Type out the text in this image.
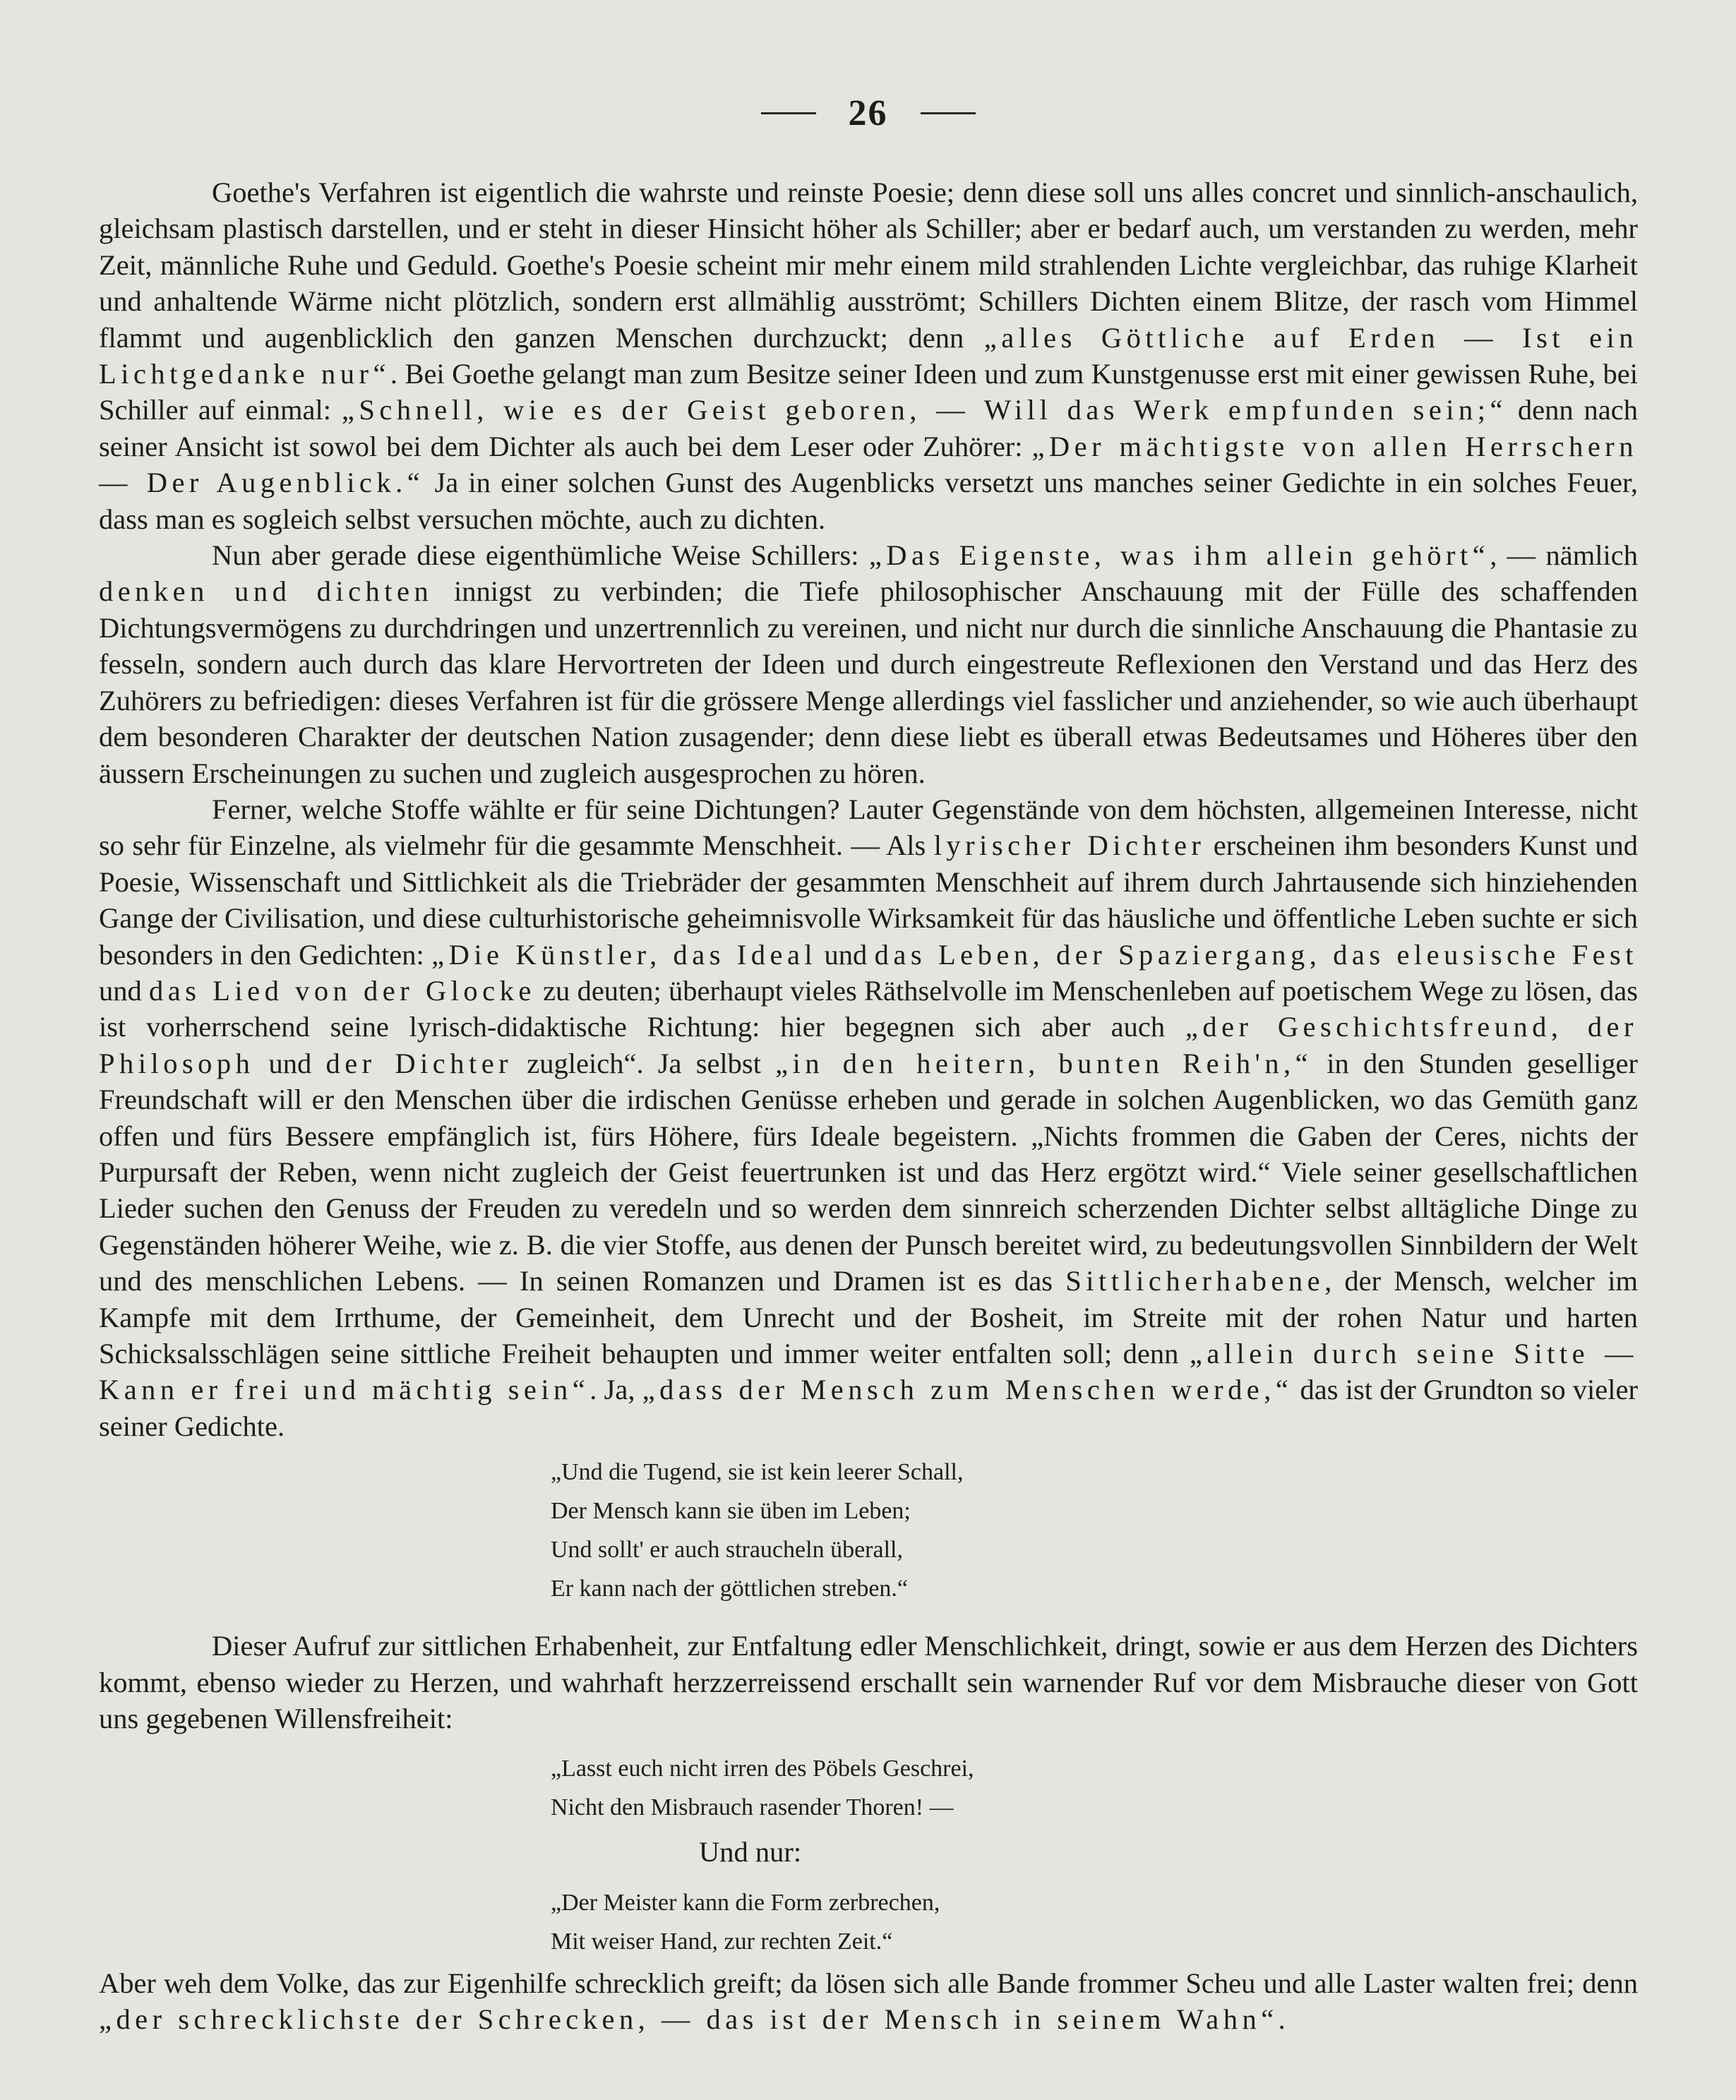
26

Goethe's Verfahren ist eigentlich die wahrste und reinste Poesie; denn diese soll uns alles concret und sinnlich-anschaulich, gleichsam plastisch darstellen, und er steht in dieser Hinsicht höher als Schiller; aber er bedarf auch, um verstanden zu werden, mehr Zeit, männliche Ruhe und Geduld. Goethe's Poesie scheint mir mehr einem mild strahlenden Lichte vergleichbar, das ruhige Klarheit und anhaltende Wärme nicht plötzlich, sondern erst allmählig ausströmt; Schillers Dichten einem Blitze, der rasch vom Himmel flammt und augenblicklich den ganzen Menschen durchzuckt; denn „alles Göttliche auf Erden — Ist ein Lichtgedanke nur“. Bei Goethe gelangt man zum Besitze seiner Ideen und zum Kunstgenusse erst mit einer gewissen Ruhe, bei Schiller auf einmal: „Schnell, wie es der Geist geboren, — Will das Werk empfunden sein;“ denn nach seiner Ansicht ist sowol bei dem Dichter als auch bei dem Leser oder Zuhörer: „Der mächtigste von allen Herrschern — Der Augenblick.“ Ja in einer solchen Gunst des Augenblicks versetzt uns manches seiner Gedichte in ein solches Feuer, dass man es sogleich selbst versuchen möchte, auch zu dichten.

Nun aber gerade diese eigenthümliche Weise Schillers: „Das Eigenste, was ihm allein gehört“, — nämlich denken und dichten innigst zu verbinden; die Tiefe philosophischer Anschauung mit der Fülle des schaffenden Dichtungsvermögens zu durchdringen und unzertrennlich zu vereinen, und nicht nur durch die sinnliche Anschauung die Phantasie zu fesseln, sondern auch durch das klare Hervortreten der Ideen und durch eingestreute Reflexionen den Verstand und das Herz des Zuhörers zu befriedigen: dieses Verfahren ist für die grössere Menge allerdings viel fasslicher und anziehender, so wie auch überhaupt dem besonderen Charakter der deutschen Nation zusagender; denn diese liebt es überall etwas Bedeutsames und Höheres über den äussern Erscheinungen zu suchen und zugleich ausgesprochen zu hören.

Ferner, welche Stoffe wählte er für seine Dichtungen? Lauter Gegenstände von dem höchsten, allgemeinen Interesse, nicht so sehr für Einzelne, als vielmehr für die gesammte Menschheit. — Als lyrischer Dichter erscheinen ihm besonders Kunst und Poesie, Wissenschaft und Sittlichkeit als die Triebräder der gesammten Menschheit auf ihrem durch Jahrtausende sich hinziehenden Gange der Civilisation, und diese culturhistorische geheimnisvolle Wirksamkeit für das häusliche und öffentliche Leben suchte er sich besonders in den Gedichten: „Die Künstler, das Ideal und das Leben, der Spaziergang, das eleusische Fest und das Lied von der Glocke zu deuten; überhaupt vieles Räthselvolle im Menschenleben auf poetischem Wege zu lösen, das ist vorherrschend seine lyrisch-didaktische Richtung: hier begegnen sich aber auch „der Geschichtsfreund, der Philosoph und der Dichter zugleich“. Ja selbst „in den heitern, bunten Reih'n,“ in den Stunden geselliger Freundschaft will er den Menschen über die irdischen Genüsse erheben und gerade in solchen Augenblicken, wo das Gemüth ganz offen und fürs Bessere empfänglich ist, fürs Höhere, fürs Ideale begeistern. „Nichts frommen die Gaben der Ceres, nichts der Purpursaft der Reben, wenn nicht zugleich der Geist feuertrunken ist und das Herz ergötzt wird.“ Viele seiner gesellschaftlichen Lieder suchen den Genuss der Freuden zu veredeln und so werden dem sinnreich scherzenden Dichter selbst alltägliche Dinge zu Gegenständen höherer Weihe, wie z. B. die vier Stoffe, aus denen der Punsch bereitet wird, zu bedeutungsvollen Sinnbildern der Welt und des menschlichen Lebens. — In seinen Romanzen und Dramen ist es das Sittlicherhabene, der Mensch, welcher im Kampfe mit dem Irrthume, der Gemeinheit, dem Unrecht und der Bosheit, im Streite mit der rohen Natur und harten Schicksalsschlägen seine sittliche Freiheit behaupten und immer weiter entfalten soll; denn „allein durch seine Sitte — Kann er frei und mächtig sein“. Ja, „dass der Mensch zum Menschen werde,“ das ist der Grundton so vieler seiner Gedichte.

„Und die Tugend, sie ist kein leerer Schall,
Der Mensch kann sie üben im Leben;
Und sollt' er auch straucheln überall,
Er kann nach der göttlichen streben.“

Dieser Aufruf zur sittlichen Erhabenheit, zur Entfaltung edler Menschlichkeit, dringt, sowie er aus dem Herzen des Dichters kommt, ebenso wieder zu Herzen, und wahrhaft herzzerreissend erschallt sein warnender Ruf vor dem Misbrauche dieser von Gott uns gegebenen Willensfreiheit:

„Lasst euch nicht irren des Pöbels Geschrei,
Nicht den Misbrauch rasender Thoren! —
Und nur:
„Der Meister kann die Form zerbrechen,
Mit weiser Hand, zur rechten Zeit.“

Aber weh dem Volke, das zur Eigenhilfe schrecklich greift; da lösen sich alle Bande frommer Scheu und alle Laster walten frei; denn „der schrecklichste der Schrecken, — das ist der Mensch in seinem Wahn“.
